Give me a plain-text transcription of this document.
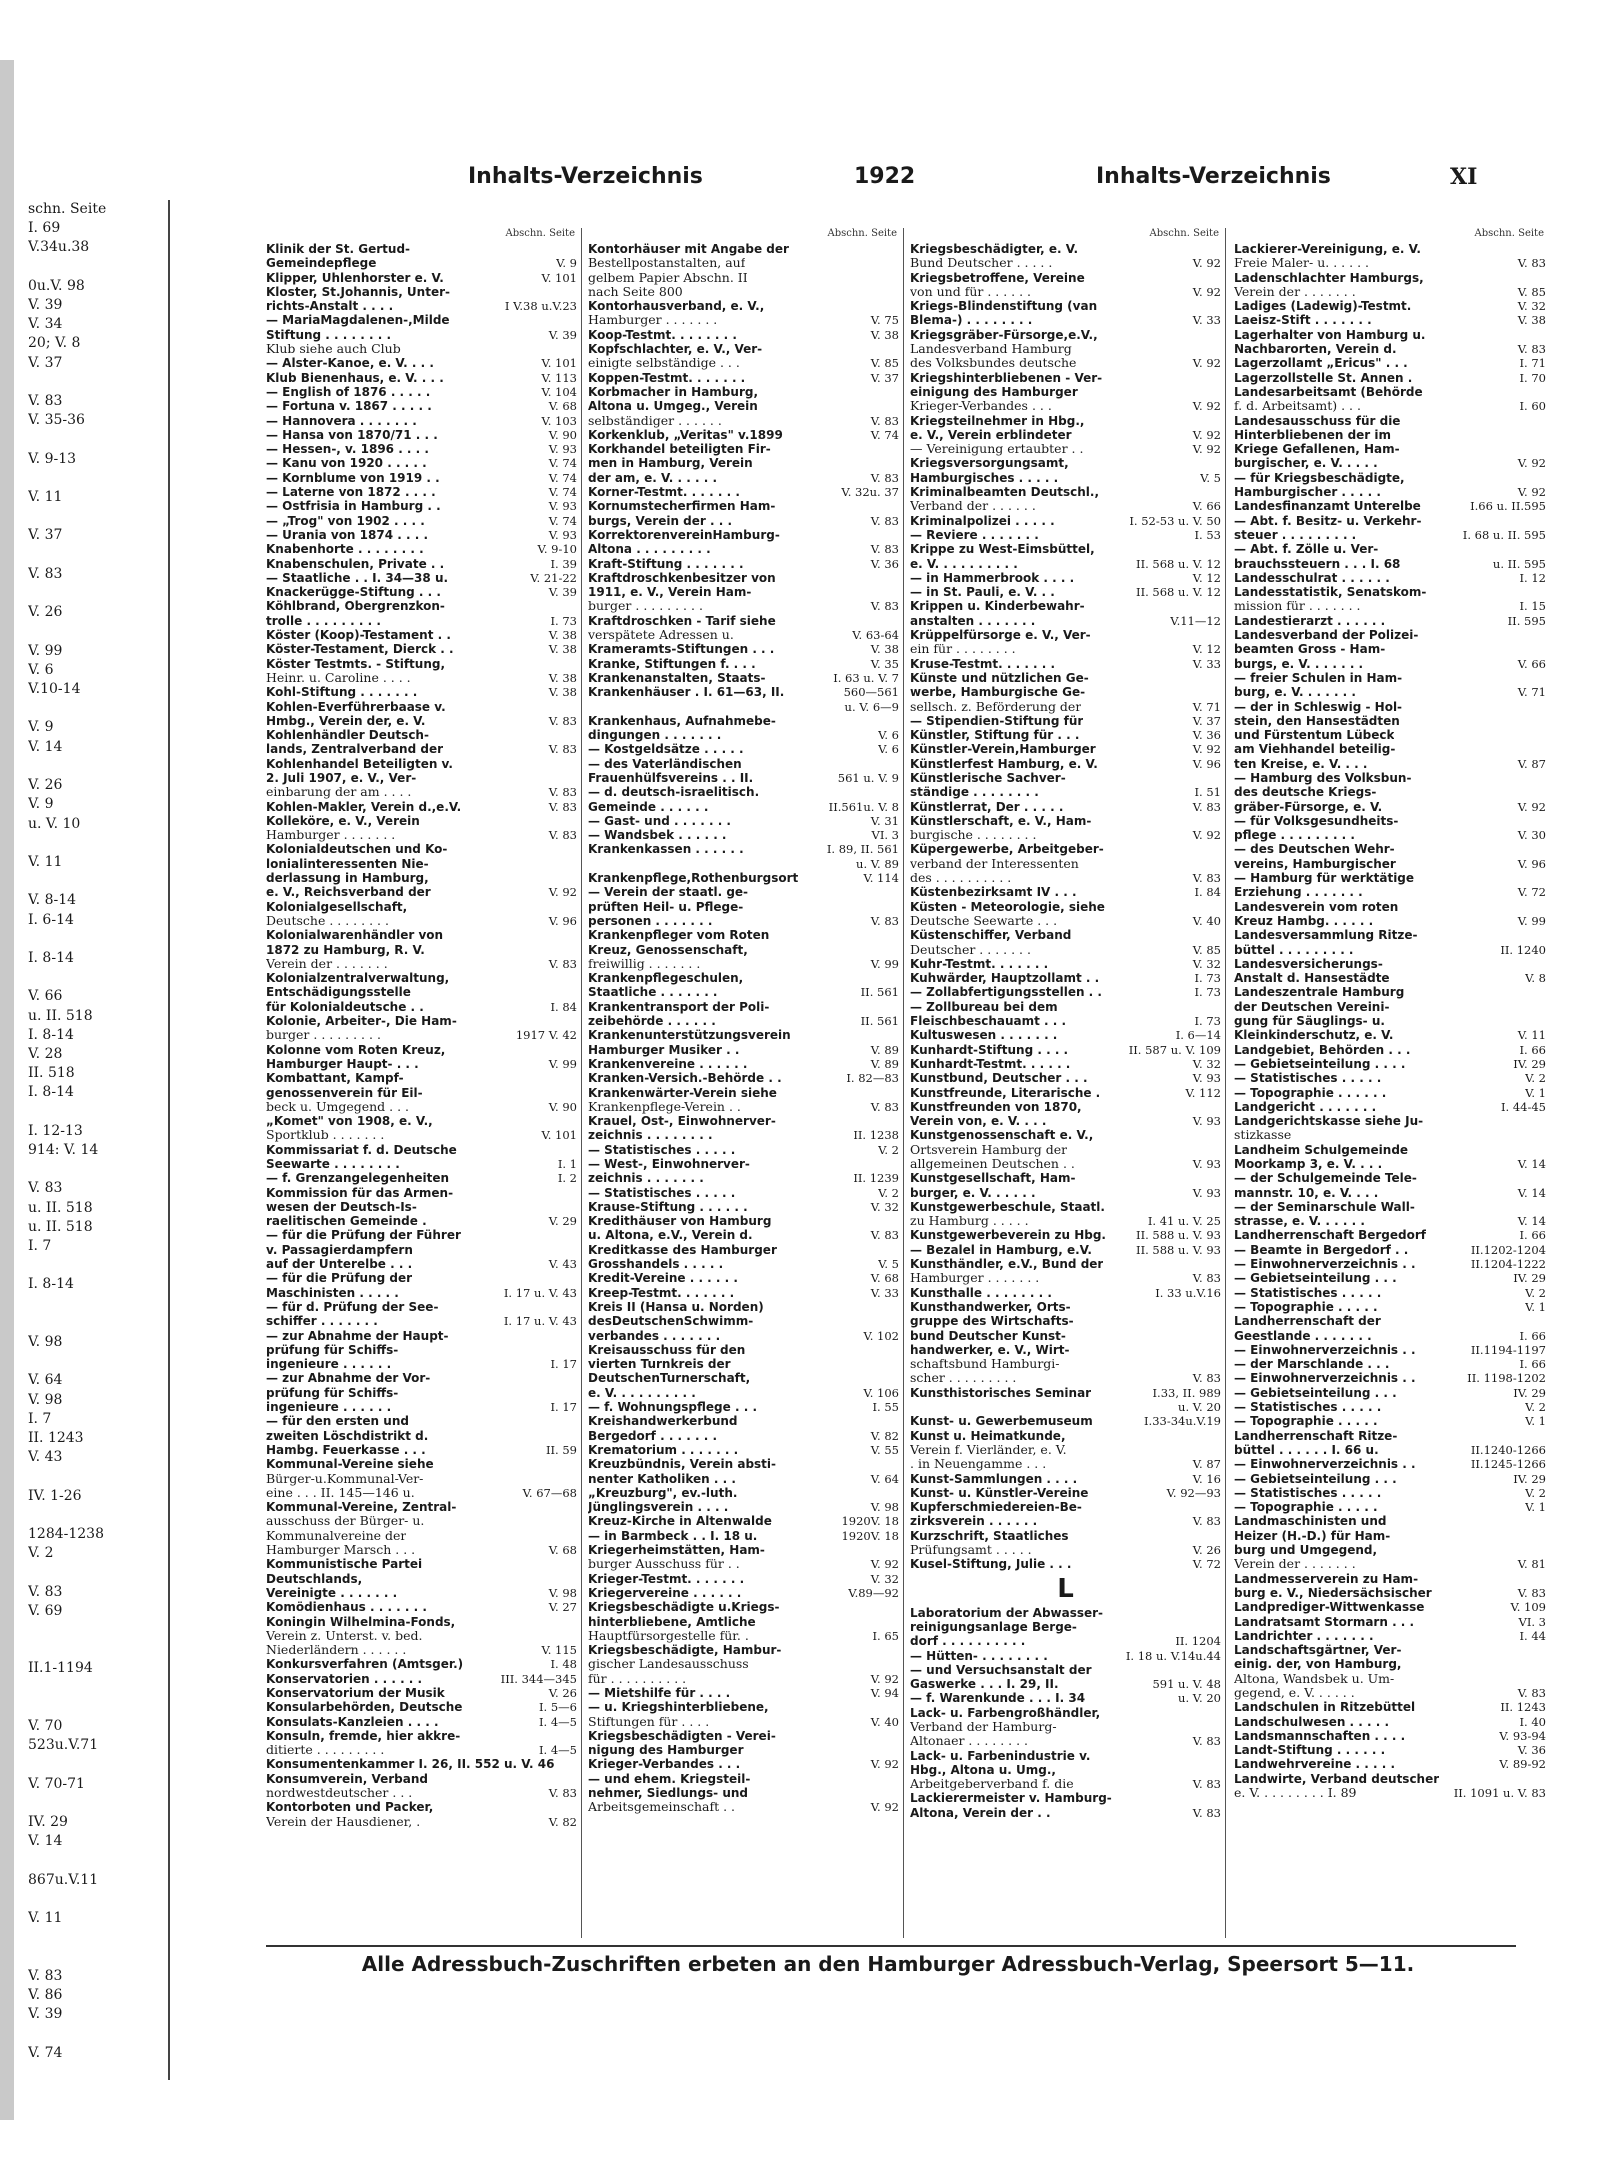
schn. Seite
I. 69
V.34u.38

0u.V. 98
V. 39
V. 34
20; V. 8
V. 37

V. 83
V. 35-36

V. 9-13

V. 11

V. 37

V. 83

V. 26

V. 99
V. 6
V.10-14

V. 9
V. 14

V. 26
V. 9
u. V. 10

V. 11

V. 8-14
I. 6-14

I. 8-14

V. 66
u. II. 518
I. 8-14
V. 28
II. 518
I. 8-14

I. 12-13
914: V. 14

V. 83
u. II. 518
u. II. 518
I. 7

I. 8-14

V. 98

V. 64
V. 98
I. 7
II. 1243
V. 43

IV. 1-26

1284-1238
V. 2

V. 83
V. 69

II.1-1194

V. 70
523u.V.71

V. 70-71

IV. 29
V. 14

867u.V.11

V. 11

V. 83
V. 86
V. 39

V. 74
Inhalts-Verzeichnis	1922	Inhalts-Verzeichnis	XI
Abschn. Seite
Klinik der St. Gertud-
Gemeindepflege	V. 9
Klipper, Uhlenhorster e. V.	V. 101
Kloster, St.Johannis, Unter-
richts-Anstalt . . . .	I V.38 u.V.23
— MariaMagdalenen-,Milde
Stiftung . . . . . . . .	V. 39
Klub siehe auch Club
— Alster-Kanoe, e. V. . . .	V. 101
Klub Bienenhaus, e. V. . . .	V. 113
— English of 1876 . . . . .	V. 104
— Fortuna v. 1867 . . . . .	V. 68
— Hannovera . . . . . . .	V. 103
— Hansa von 1870/71 . . .	V. 90
— Hessen-, v. 1896 . . . .	V. 93
— Kanu von 1920 . . . . .	V. 74
— Kornblume von 1919 . .	V. 74
— Laterne von 1872 . . . .	V. 74
— Ostfrisia in Hamburg . .	V. 93
— „Trog" von 1902 . . . .	V. 74
— Urania von 1874 . . . .	V. 93
Knabenhorte . . . . . . . .	V. 9-10
Knabenschulen, Private . .	I. 39
— Staatliche . . I. 34—38 u.	V. 21-22
Knackerügge-Stiftung . . .	V. 39
Köhlbrand, Obergrenzkon-
trolle . . . . . . . . .	I. 73
Köster (Koop)-Testament . .	V. 38
Köster-Testament, Dierck . .	V. 38
Köster Testmts. - Stiftung,
Heinr. u. Caroline . . . .	V. 38
Kohl-Stiftung . . . . . . .	V. 38
Kohlen-Everführerbaase v.
Hmbg., Verein der, e. V.	V. 83
Kohlenhändler Deutsch-
lands, Zentralverband der	V. 83
Kohlenhandel Beteiligten v.
2. Juli 1907, e. V., Ver-
einbarung der am . . . .	V. 83
Kohlen-Makler, Verein d.,e.V.	V. 83
Kolleköre, e. V., Verein
Hamburger . . . . . . .	V. 83
Kolonialdeutschen und Ko-
lonialinteressenten Nie-
derlassung in Hamburg,
e. V., Reichsverband der	V. 92
Kolonialgesellschaft,
Deutsche . . . . . . . .	V. 96
Kolonialwarenhändler von
1872 zu Hamburg, R. V.
Verein der . . . . . . .	V. 83
Kolonialzentralverwaltung,
Entschädigungsstelle
für Kolonialdeutsche . .	I. 84
Kolonie, Arbeiter-, Die Ham-
burger . . . . . . . . .	1917 V. 42
Kolonne vom Roten Kreuz,
Hamburger Haupt- . . .	V. 99
Kombattant, Kampf-
genossenverein für Eil-
beck u. Umgegend . . .	V. 90
„Komet" von 1908, e. V.,
Sportklub . . . . . . .	V. 101
Kommissariat f. d. Deutsche
Seewarte . . . . . . . .	I. 1
— f. Grenzangelegenheiten	I. 2
Kommission für das Armen-
wesen der Deutsch-Is-
raelitischen Gemeinde .	V. 29
— für die Prüfung der Führer
v. Passagierdampfern
auf der Unterelbe . . .	V. 43
— für die Prüfung der
Maschinisten . . . . .	I. 17 u. V. 43
— für d. Prüfung der See-
schiffer . . . . . . .	I. 17 u. V. 43
— zur Abnahme der Haupt-
prüfung für Schiffs-
ingenieure . . . . . .	I. 17
— zur Abnahme der Vor-
prüfung für Schiffs-
ingenieure . . . . . .	I. 17
— für den ersten und
zweiten Löschdistrikt d.
Hambg. Feuerkasse . . .	II. 59
Kommunal-Vereine siehe
Bürger-u.Kommunal-Ver-
eine . . . II. 145—146 u.	V. 67—68
Kommunal-Vereine, Zentral-
ausschuss der Bürger- u.
Kommunalvereine der
Hamburger Marsch . . .	V. 68
Kommunistische Partei
Deutschlands,
Vereinigte . . . . . . .	V. 98
Komödienhaus . . . . . . .	V. 27
Koningin Wilhelmina-Fonds,
Verein z. Unterst. v. bed.
Niederländern . . . . . .	V. 115
Konkursverfahren (Amtsger.)	I. 48
Konservatorien . . . . . .	III. 344—345
Konservatorium der Musik	V. 26
Konsularbehörden, Deutsche	I. 5—6
Konsulats-Kanzleien . . . .	I. 4—5
Konsuln, fremde, hier akkre-
ditierte . . . . . . . . .	I. 4—5
Konsumentenkammer I. 26, II. 552 u. V. 46
Konsumverein, Verband
nordwestdeutscher . . .	V. 83
Kontorboten und Packer,
Verein der Hausdiener, .	V. 82
Abschn. Seite
Kontorhäuser mit Angabe der
Bestellpostanstalten, auf
gelbem Papier Abschn. II
nach Seite 800
Kontorhausverband, e. V.,
Hamburger . . . . . . .	V. 75
Koop-Testmt. . . . . . . .	V. 38
Kopfschlachter, e. V., Ver-
einigte selbständige . . .	V. 85
Koppen-Testmt. . . . . . .	V. 37
Korbmacher in Hamburg,
Altona u. Umgeg., Verein
selbständiger . . . . . .	V. 83
Korkenklub, „Veritas" v.1899	V. 74
Korkhandel beteiligten Fir-
men in Hamburg, Verein
der am, e. V. . . . . .	V. 83
Korner-Testmt. . . . . . .	V. 32u. 37
Kornumstecherfirmen Ham-
burgs, Verein der . . .	V. 83
KorrektorenvereinHamburg-
Altona . . . . . . . . .	V. 83
Kraft-Stiftung . . . . . . .	V. 36
Kraftdroschkenbesitzer von
1911, e. V., Verein Ham-
burger . . . . . . . . .	V. 83
Kraftdroschken - Tarif siehe
verspätete Adressen u.	V. 63-64
Krameramts-Stiftungen . . .	V. 38
Kranke, Stiftungen f. . . .	V. 35
Krankenanstalten, Staats-	I. 63 u. V. 7
Krankenhäuser . I. 61—63, II.	560—561
u. V. 6—9
Krankenhaus, Aufnahmebe-
dingungen . . . . . . .	V. 6
— Kostgeldsätze . . . . .	V. 6
— des Vaterländischen
Frauenhülfsvereins . . II.	561 u. V. 9
— d. deutsch-israelitisch.
Gemeinde . . . . . .	II.561u. V. 8
— Gast- und . . . . . . .	V. 31
— Wandsbek . . . . . .	VI. 3
Krankenkassen . . . . . .	I. 89, II. 561
u. V. 89
Krankenpflege,Rothenburgsort	V. 114
— Verein der staatl. ge-
prüften Heil- u. Pflege-
personen . . . . . . .	V. 83
Krankenpfleger vom Roten
Kreuz, Genossenschaft,
freiwillig . . . . . . .	V. 99
Krankenpflegeschulen,
Staatliche . . . . . . .	II. 561
Krankentransport der Poli-
zeibehörde . . . . . .	II. 561
Krankenunterstützungsverein
Hamburger Musiker . .	V. 89
Krankenvereine . . . . . .	V. 89
Kranken-Versich.-Behörde . .	I. 82—83
Krankenwärter-Verein siehe
Krankenpflege-Verein . .	V. 83
Krauel, Ost-, Einwohnerver-
zeichnis . . . . . . . .	II. 1238
— Statistisches . . . . .	V. 2
— West-, Einwohnerver-
zeichnis . . . . . . .	II. 1239
— Statistisches . . . . .	V. 2
Krause-Stiftung . . . . . .	V. 32
Kredithäuser von Hamburg
u. Altona, e.V., Verein d.	V. 83
Kreditkasse des Hamburger
Grosshandels . . . . .	V. 5
Kredit-Vereine . . . . . .	V. 68
Kreep-Testmt. . . . . . .	V. 33
Kreis II (Hansa u. Norden)
desDeutschenSchwimm-
verbandes . . . . . . .	V. 102
Kreisausschuss für den
vierten Turnkreis der
DeutschenTurnerschaft,
e. V. . . . . . . . . .	V. 106
— f. Wohnungspflege . . .	I. 55
Kreishandwerkerbund
Bergedorf . . . . . . .	V. 82
Krematorium . . . . . . .	V. 55
Kreuzbündnis, Verein absti-
nenter Katholiken . . .	V. 64
„Kreuzburg", ev.-luth.
Jünglingsverein . . . .	V. 98
Kreuz-Kirche in Altenwalde	1920V. 18
— in Barmbeck . . I. 18 u.	1920V. 18
Kriegerheimstätten, Ham-
burger Ausschuss für . .	V. 92
Krieger-Testmt. . . . . . .	V. 32
Kriegervereine . . . . . .	V.89—92
Kriegsbeschädigte u.Kriegs-
hinterbliebene, Amtliche
Hauptfürsorgestelle für. .	I. 65
Kriegsbeschädigte, Hambur-
gischer Landesausschuss
für . . . . . . . . . .	V. 92
— Mietshilfe für . . . .	V. 94
— u. Kriegshinterbliebene,
Stiftungen für . . . .	V. 40
Kriegsbeschädigten - Verei-
nigung des Hamburger
Krieger-Verbandes . . .	V. 92
— und ehem. Kriegsteil-
nehmer, Siedlungs- und
Arbeitsgemeinschaft . .	V. 92
Abschn. Seite
Kriegsbeschädigter, e. V.
Bund Deutscher . . . . .	V. 92
Kriegsbetroffene, Vereine
von und für . . . . . .	V. 92
Kriegs-Blindenstiftung (van
Blema-) . . . . . . . .	V. 33
Kriegsgräber-Fürsorge,e.V.,
Landesverband Hamburg
des Volksbundes deutsche	V. 92
Kriegshinterbliebenen - Ver-
einigung des Hamburger
Krieger-Verbandes . . .	V. 92
Kriegsteilnehmer in Hbg.,
e. V., Verein erblindeter	V. 92
— Vereinigung ertaubter . .	V. 92
Kriegsversorgungsamt,
Hamburgisches . . . . .	V. 5
Kriminalbeamten Deutschl.,
Verband der . . . . . .	V. 66
Kriminalpolizei . . . . .	I. 52-53 u. V. 50
— Reviere . . . . . . .	I. 53
Krippe zu West-Eimsbüttel,
e. V. . . . . . . . . .	II. 568 u. V. 12
— in Hammerbrook . . . .	V. 12
— in St. Pauli, e. V. . .	II. 568 u. V. 12
Krippen u. Kinderbewahr-
anstalten . . . . . . .	V.11—12
Krüppelfürsorge e. V., Ver-
ein für . . . . . . . .	V. 12
Kruse-Testmt. . . . . . .	V. 33
Künste und nützlichen Ge-
werbe, Hamburgische Ge-
sellsch. z. Beförderung der	V. 71
— Stipendien-Stiftung für	V. 37
Künstler, Stiftung für . . .	V. 36
Künstler-Verein,Hamburger	V. 92
Künstlerfest Hamburg, e. V.	V. 96
Künstlerische Sachver-
ständige . . . . . . . .	I. 51
Künstlerrat, Der . . . . .	V. 83
Künstlerschaft, e. V., Ham-
burgische . . . . . . . .	V. 92
Küpergewerbe, Arbeitgeber-
verband der Interessenten
des . . . . . . . . . .	V. 83
Küstenbezirksamt IV . . .	I. 84
Küsten - Meteorologie, siehe
Deutsche Seewarte . . .	V. 40
Küstenschiffer, Verband
Deutscher . . . . . . .	V. 85
Kuhr-Testmt. . . . . . .	V. 32
Kuhwärder, Hauptzollamt . .	I. 73
— Zollabfertigungsstellen . .	I. 73
— Zollbureau bei dem
Fleischbeschauamt . . .	I. 73
Kultuswesen . . . . . . .	I. 6—14
Kunhardt-Stiftung . . . .	II. 587 u. V. 109
Kunhardt-Testmt. . . . . .	V. 32
Kunstbund, Deutscher . . .	V. 93
Kunstfreunde, Literarische .	V. 112
Kunstfreunden von 1870,
Verein von, e. V. . . .	V. 93
Kunstgenossenschaft e. V.,
Ortsverein Hamburg der
allgemeinen Deutschen . .	V. 93
Kunstgesellschaft, Ham-
burger, e. V. . . . . .	V. 93
Kunstgewerbeschule, Staatl.
zu Hamburg . . . . .	I. 41 u. V. 25
Kunstgewerbeverein zu Hbg.	II. 588 u. V. 93
— Bezalel in Hamburg, e.V.	II. 588 u. V. 93
Kunsthändler, e.V., Bund der
Hamburger . . . . . . .	V. 83
Kunsthalle . . . . . . . .	I. 33 u.V.16
Kunsthandwerker, Orts-
gruppe des Wirtschafts-
bund Deutscher Kunst-
handwerker, e. V., Wirt-
schaftsbund Hamburgi-
scher . . . . . . . . .	V. 83
Kunsthistorisches Seminar	I.33, II. 989
u. V. 20
Kunst- u. Gewerbemuseum	I.33-34u.V.19
Kunst u. Heimatkunde,
Verein f. Vierländer, e. V.
. in Neuengamme . . .	V. 87
Kunst-Sammlungen . . . .	V. 16
Kunst- u. Künstler-Vereine	V. 92—93
Kupferschmiedereien-Be-
zirksverein . . . . . .	V. 83
Kurzschrift, Staatliches
Prüfungsamt . . . . .	V. 26
Kusel-Stiftung, Julie . . .	V. 72
L
Laboratorium der Abwasser-
reinigungsanlage Berge-
dorf . . . . . . . . . .	II. 1204
— Hütten- . . . . . . . .	I. 18 u. V.14u.44
— und Versuchsanstalt der
Gaswerke . . . I. 29, II.	591 u. V. 48
— f. Warenkunde . . . I. 34	u. V. 20
Lack- u. Farbengroßhändler,
Verband der Hamburg-
Altonaer . . . . . . . .	V. 83
Lack- u. Farbenindustrie v.
Hbg., Altona u. Umg.,
Arbeitgeberverband f. die	V. 83
Lackierermeister v. Hamburg-
Altona, Verein der . .	V. 83
Abschn. Seite
Lackierer-Vereinigung, e. V.
Freie Maler- u. . . . . .	V. 83
Ladenschlachter Hamburgs,
Verein der . . . . . . .	V. 85
Ladiges (Ladewig)-Testmt.	V. 32
Laeisz-Stift . . . . . . .	V. 38
Lagerhalter von Hamburg u.
Nachbarorten, Verein d.	V. 83
Lagerzollamt „Ericus" . . .	I. 71
Lagerzollstelle St. Annen .	I. 70
Landesarbeitsamt (Behörde
f. d. Arbeitsamt) . . .	I. 60
Landesausschuss für die
Hinterbliebenen der im
Kriege Gefallenen, Ham-
burgischer, e. V. . . . .	V. 92
— für Kriegsbeschädigte,
Hamburgischer . . . . .	V. 92
Landesfinanzamt Unterelbe	I.66 u. II.595
— Abt. f. Besitz- u. Verkehr-
steuer . . . . . . . . .	I. 68 u. II. 595
— Abt. f. Zölle u. Ver-
brauchssteuern . . . I. 68	u. II. 595
Landesschulrat . . . . . .	I. 12
Landesstatistik, Senatskom-
mission für . . . . . . .	I. 15
Landestierarzt . . . . . .	II. 595
Landesverband der Polizei-
beamten Gross - Ham-
burgs, e. V. . . . . . .	V. 66
— freier Schulen in Ham-
burg, e. V. . . . . . .	V. 71
— der in Schleswig - Hol-
stein, den Hansestädten
und Fürstentum Lübeck
am Viehhandel beteilig-
ten Kreise, e. V. . . .	V. 87
— Hamburg des Volksbun-
des deutsche Kriegs-
gräber-Fürsorge, e. V.	V. 92
— für Volksgesundheits-
pflege . . . . . . . . .	V. 30
— des Deutschen Wehr-
vereins, Hamburgischer	V. 96
— Hamburg für werktätige
Erziehung . . . . . . .	V. 72
Landesverein vom roten
Kreuz Hambg. . . . . .	V. 99
Landesversammlung Ritze-
büttel . . . . . . . . .	II. 1240
Landesversicherungs-
Anstalt d. Hansestädte	V. 8
Landeszentrale Hamburg
der Deutschen Vereini-
gung für Säuglings- u.
Kleinkinderschutz, e. V.	V. 11
Landgebiet, Behörden . . .	I. 66
— Gebietseinteilung . . . .	IV. 29
— Statistisches . . . . .	V. 2
— Topographie . . . . . .	V. 1
Landgericht . . . . . . .	I. 44-45
Landgerichtskasse siehe Ju-
stizkasse
Landheim Schulgemeinde
Moorkamp 3, e. V. . . .	V. 14
— der Schulgemeinde Tele-
mannstr. 10, e. V. . . .	V. 14
— der Seminarschule Wall-
strasse, e. V. . . . . .	V. 14
Landherrenschaft Bergedorf	I. 66
— Beamte in Bergedorf . .	II.1202-1204
— Einwohnerverzeichnis . .	II.1204-1222
— Gebietseinteilung . . .	IV. 29
— Statistisches . . . . .	V. 2
— Topographie . . . . .	V. 1
Landherrenschaft der
Geestlande . . . . . . .	I. 66
— Einwohnerverzeichnis . .	II.1194-1197
— der Marschlande . . .	I. 66
— Einwohnerverzeichnis . .	II. 1198-1202
— Gebietseinteilung . . .	IV. 29
— Statistisches . . . . .	V. 2
— Topographie . . . . .	V. 1
Landherrenschaft Ritze-
büttel . . . . . . I. 66 u.	II.1240-1266
— Einwohnerverzeichnis . .	II.1245-1266
— Gebietseinteilung . . .	IV. 29
— Statistisches . . . . .	V. 2
— Topographie . . . . .	V. 1
Landmaschinisten und
Heizer (H.-D.) für Ham-
burg und Umgegend,
Verein der . . . . . . .	V. 81
Landmesserverein zu Ham-
burg e. V., Niedersächsischer	V. 83
Landprediger-Wittwenkasse	V. 109
Landratsamt Stormarn . . .	VI. 3
Landrichter . . . . . . .	I. 44
Landschaftsgärtner, Ver-
einig. der, von Hamburg,
Altona, Wandsbek u. Um-
gegend, e. V. . . . . .	V. 83
Landschulen in Ritzebüttel	II. 1243
Landschulwesen . . . . .	I. 40
Landsmannschaften . . . .	V. 93-94
Landt-Stiftung . . . . . .	V. 36
Landwehrvereine . . . . .	V. 89-92
Landwirte, Verband deutscher
e. V. . . . . . . . . I. 89	II. 1091 u. V. 83
Alle Adressbuch-Zuschriften erbeten an den Hamburger Adressbuch-Verlag, Speersort 5—11.
